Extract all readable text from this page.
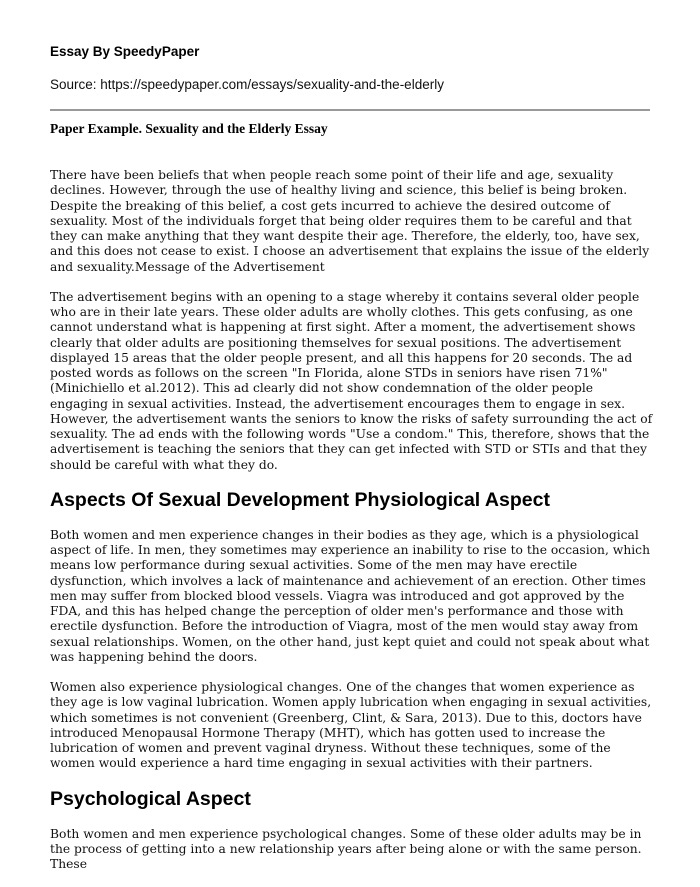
Essay By SpeedyPaper

Source: https://speedypaper.com/essays/sexuality-and-the-elderly

Paper Example. Sexuality and the Elderly Essay

There have been beliefs that when people reach some point of their life and age, sexuality declines. However, through the use of healthy living and science, this belief is being broken. Despite the breaking of this belief, a cost gets incurred to achieve the desired outcome of sexuality. Most of the individuals forget that being older requires them to be careful and that they can make anything that they want despite their age. Therefore, the elderly, too, have sex, and this does not cease to exist. I choose an advertisement that explains the issue of the elderly and sexuality.Message of the Advertisement

The advertisement begins with an opening to a stage whereby it contains several older people who are in their late years. These older adults are wholly clothes. This gets confusing, as one cannot understand what is happening at first sight. After a moment, the advertisement shows clearly that older adults are positioning themselves for sexual positions. The advertisement displayed 15 areas that the older people present, and all this happens for 20 seconds. The ad posted words as follows on the screen "In Florida, alone STDs in seniors have risen 71%" (Minichiello et al.2012). This ad clearly did not show condemnation of the older people engaging in sexual activities. Instead, the advertisement encourages them to engage in sex. However, the advertisement wants the seniors to know the risks of safety surrounding the act of sexuality. The ad ends with the following words "Use a condom." This, therefore, shows that the advertisement is teaching the seniors that they can get infected with STD or STIs and that they should be careful with what they do.

Aspects Of Sexual Development Physiological Aspect

Both women and men experience changes in their bodies as they age, which is a physiological aspect of life. In men, they sometimes may experience an inability to rise to the occasion, which means low performance during sexual activities. Some of the men may have erectile dysfunction, which involves a lack of maintenance and achievement of an erection. Other times men may suffer from blocked blood vessels. Viagra was introduced and got approved by the FDA, and this has helped change the perception of older men's performance and those with erectile dysfunction. Before the introduction of Viagra, most of the men would stay away from sexual relationships. Women, on the other hand, just kept quiet and could not speak about what was happening behind the doors.

Women also experience physiological changes. One of the changes that women experience as they age is low vaginal lubrication. Women apply lubrication when engaging in sexual activities, which sometimes is not convenient (Greenberg, Clint, & Sara, 2013). Due to this, doctors have introduced Menopausal Hormone Therapy (MHT), which has gotten used to increase the lubrication of women and prevent vaginal dryness. Without these techniques, some of the women would experience a hard time engaging in sexual activities with their partners.

Psychological Aspect

Both women and men experience psychological changes. Some of these older adults may be in the process of getting into a new relationship years after being alone or with the same person. These
